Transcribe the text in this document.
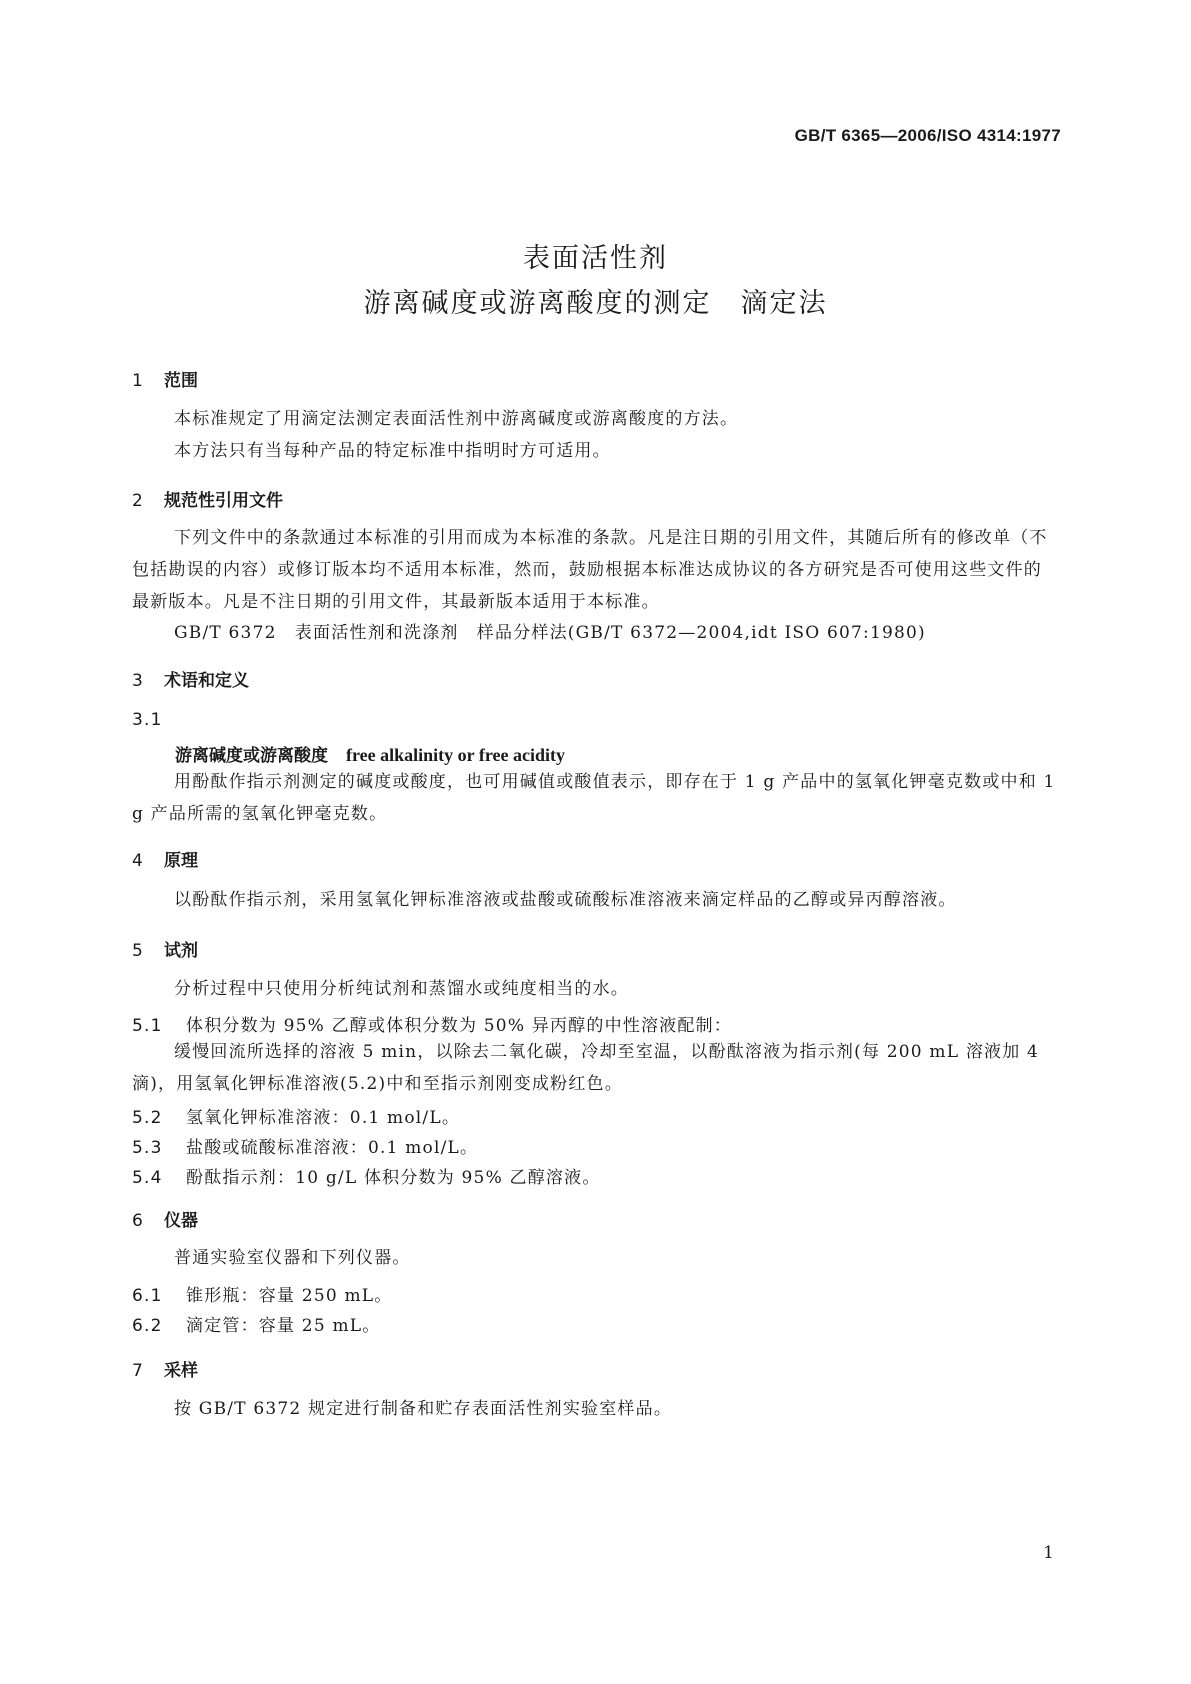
GB/T 6365—2006/ISO 4314:1977
表面活性剂
游离碱度或游离酸度的测定　滴定法
1 范围
本标准规定了用滴定法测定表面活性剂中游离碱度或游离酸度的方法。
本方法只有当每种产品的特定标准中指明时方可适用。
2 规范性引用文件
下列文件中的条款通过本标准的引用而成为本标准的条款。凡是注日期的引用文件，其随后所有的修改单（不包括勘误的内容）或修订版本均不适用本标准，然而，鼓励根据本标准达成协议的各方研究是否可使用这些文件的最新版本。凡是不注日期的引用文件，其最新版本适用于本标准。
GB/T 6372　表面活性剂和洗涤剂　样品分样法(GB/T 6372—2004,idt ISO 607:1980)
3 术语和定义
3.1
游离碱度或游离酸度 free alkalinity or free acidity
用酚酞作指示剂测定的碱度或酸度，也可用碱值或酸值表示，即存在于 1 g 产品中的氢氧化钾毫克数或中和 1 g 产品所需的氢氧化钾毫克数。
4 原理
以酚酞作指示剂，采用氢氧化钾标准溶液或盐酸或硫酸标准溶液来滴定样品的乙醇或异丙醇溶液。
5 试剂
分析过程中只使用分析纯试剂和蒸馏水或纯度相当的水。
5.1 体积分数为 95% 乙醇或体积分数为 50% 异丙醇的中性溶液配制：
缓慢回流所选择的溶液 5 min，以除去二氧化碳，冷却至室温，以酚酞溶液为指示剂(每 200 mL 溶液加 4 滴)，用氢氧化钾标准溶液(5.2)中和至指示剂刚变成粉红色。
5.2 氢氧化钾标准溶液：0.1 mol/L。
5.3 盐酸或硫酸标准溶液：0.1 mol/L。
5.4 酚酞指示剂：10 g/L 体积分数为 95% 乙醇溶液。
6 仪器
普通实验室仪器和下列仪器。
6.1 锥形瓶：容量 250 mL。
6.2 滴定管：容量 25 mL。
7 采样
按 GB/T 6372 规定进行制备和贮存表面活性剂实验室样品。
1
